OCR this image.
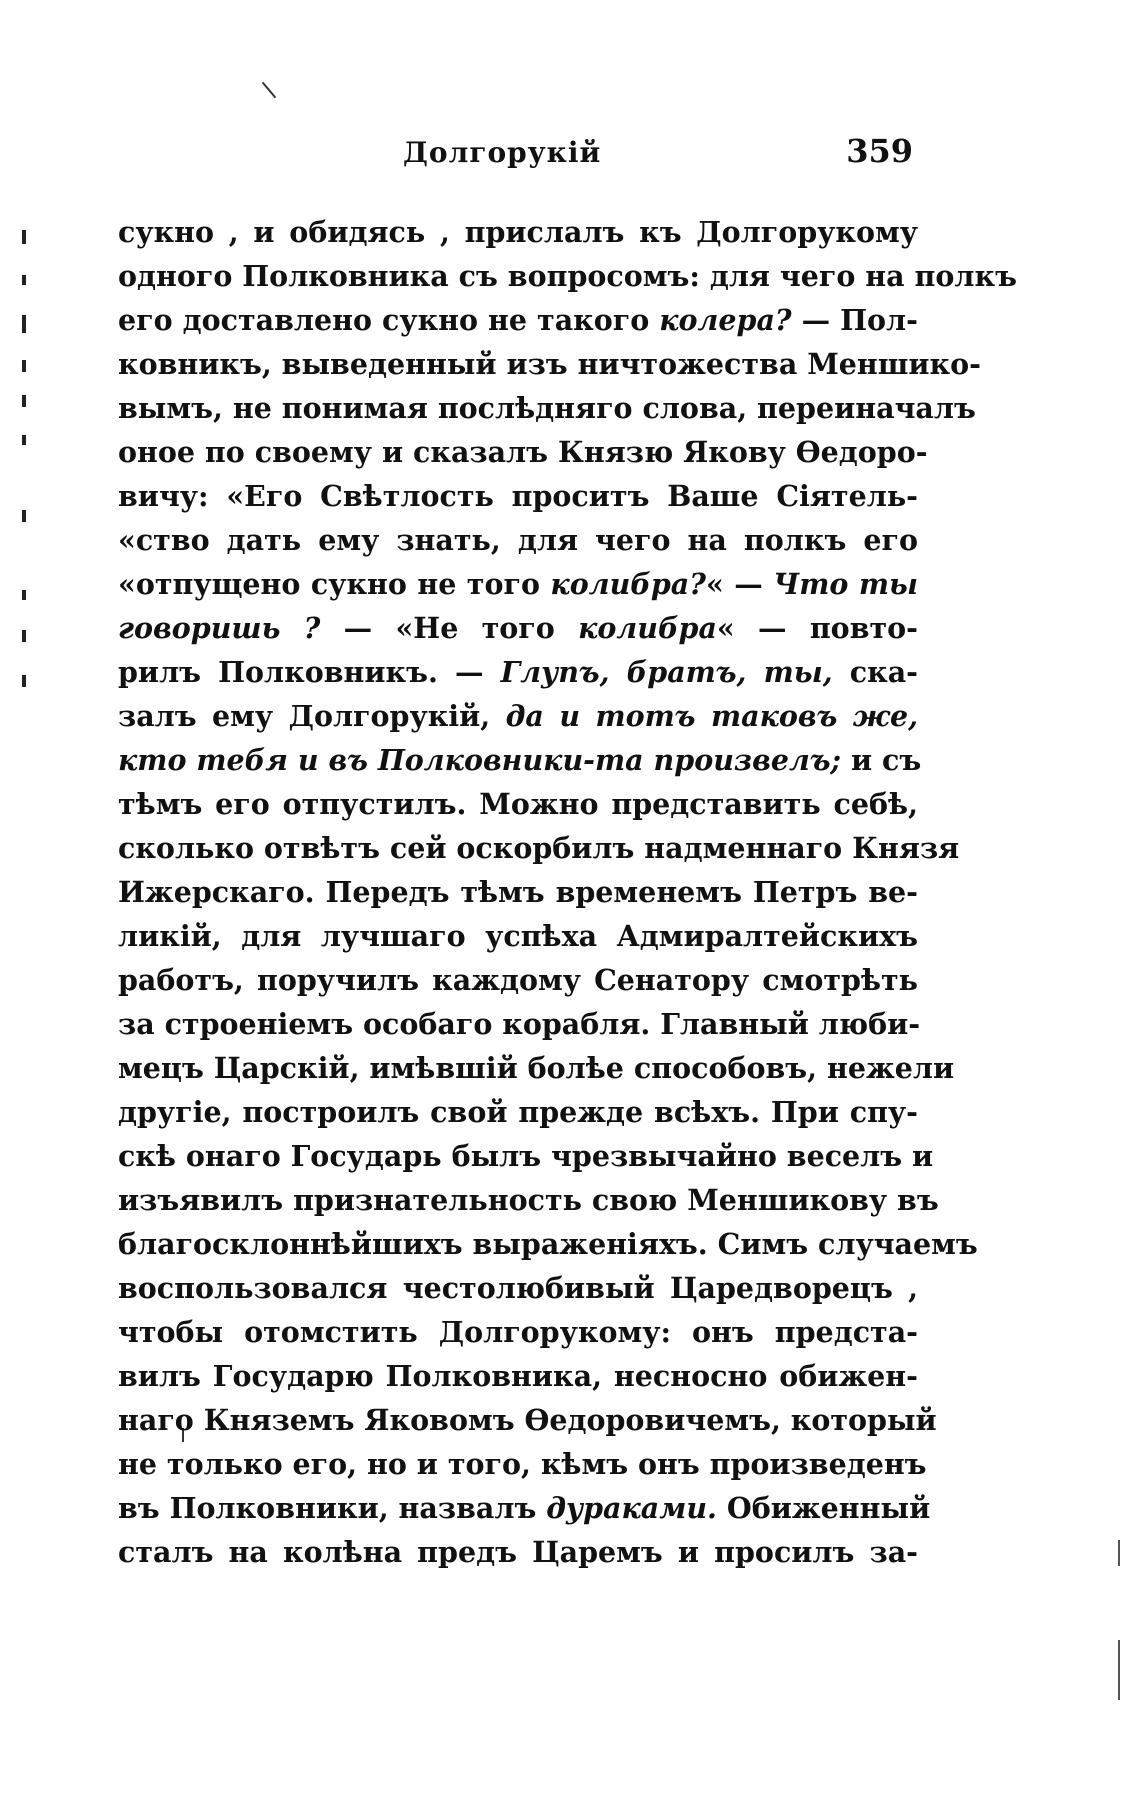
Долгорукій	359
сукно , и обидясь , прислалъ къ Долгорукому
одного Полковника съ вопросомъ: для чего на полкъ
его доставлено сукно не такого колера? — Пол-
ковникъ, выведенный изъ ничтожества Меншико-
вымъ, не понимая послѣдняго слова, переиначалъ
оное по своему и сказалъ Князю Якову Ѳедоро-
вичу: «Его Свѣтлость проситъ Ваше Сіятель-
«ство дать ему знать, для чего на полкъ его
«отпущено сукно не того колибра?« — Что ты
говоришь ? — «Не того колибра« — повто-
рилъ Полковникъ. — Глупъ, братъ, ты, ска-
залъ ему Долгорукій, да и тотъ таковъ же,
кто тебя и въ Полковники-та произвелъ; и съ
тѣмъ его отпустилъ. Можно представить себѣ,
сколько отвѣтъ сей оскорбилъ надменнаго Князя
Ижерскаго. Передъ тѣмъ временемъ Петръ ве-
ликій, для лучшаго успѣха Адмиралтейскихъ
работъ, поручилъ каждому Сенатору смотрѣть
за строеніемъ особаго корабля. Главный люби-
мецъ Царскій, имѣвшій болѣе способовъ, нежели
другіе, построилъ свой прежде всѣхъ. При спу-
скѣ онаго Государь былъ чрезвычайно веселъ и
изъявилъ признательность свою Меншикову въ
благосклоннѣйшихъ выраженіяхъ. Симъ случаемъ
воспользовался честолюбивый Царедворецъ ,
чтобы отомстить Долгорукому: онъ предста-
вилъ Государю Полковника, несносно обижен-
наго Княземъ Яковомъ Ѳедоровичемъ, который
не только его, но и того, кѣмъ онъ произведенъ
въ Полковники, назвалъ дураками. Обиженный
сталъ на колѣна предъ Царемъ и просилъ за-
